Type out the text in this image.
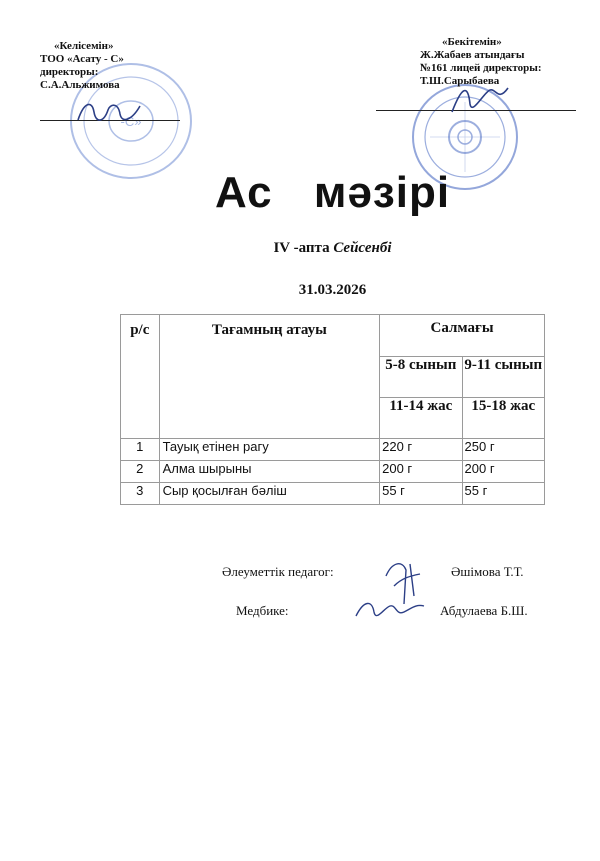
-С»
«Келісемін»
ТОО «Асату - С»
директоры:
С.А.Альжимова
«Бекітемін»
Ж.Жабаев атындағы
№161 лицей директоры:
Т.Ш.Сарыбаева
Ас мәзірі
IV -апта Сейсенбі
31.03.2026
р/с	Тағамның атауы	Салмағы	
		5-8 сынып	9-11 сынып
		11-14 жас	15-18 жас
1	Тауық етінен рагу	220 г	250 г
2	Алма шырыны	200 г	200 г
3	Сыр қосылған бәліш	55 г	55 г
Әлеуметтік педагог:	Әшімова Т.Т.
Медбике:	Абдулаева Б.Ш.
